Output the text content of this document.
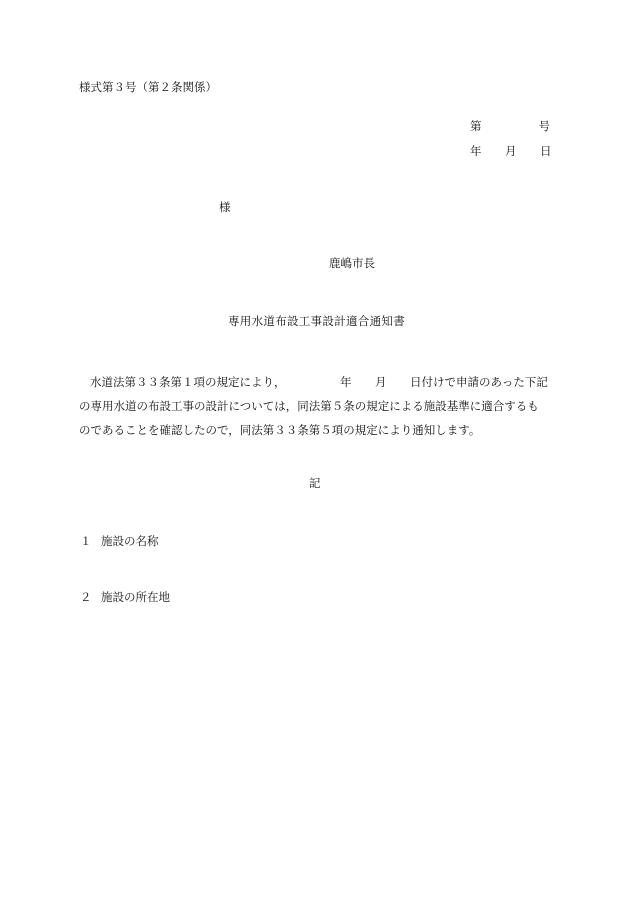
様式第３号（第２条関係）
第	号
年 月 日
様
鹿嶋市長
専用水道布設工事設計適合通知書
水道法第３３条第１項の規定により，	年 月 日付けで申請のあった下記
の専用水道の布設工事の設計については，同法第５条の規定による施設基準に適合するも
のであることを確認したので，同法第３３条第５項の規定により通知します。
記
１ 施設の名称
２ 施設の所在地
